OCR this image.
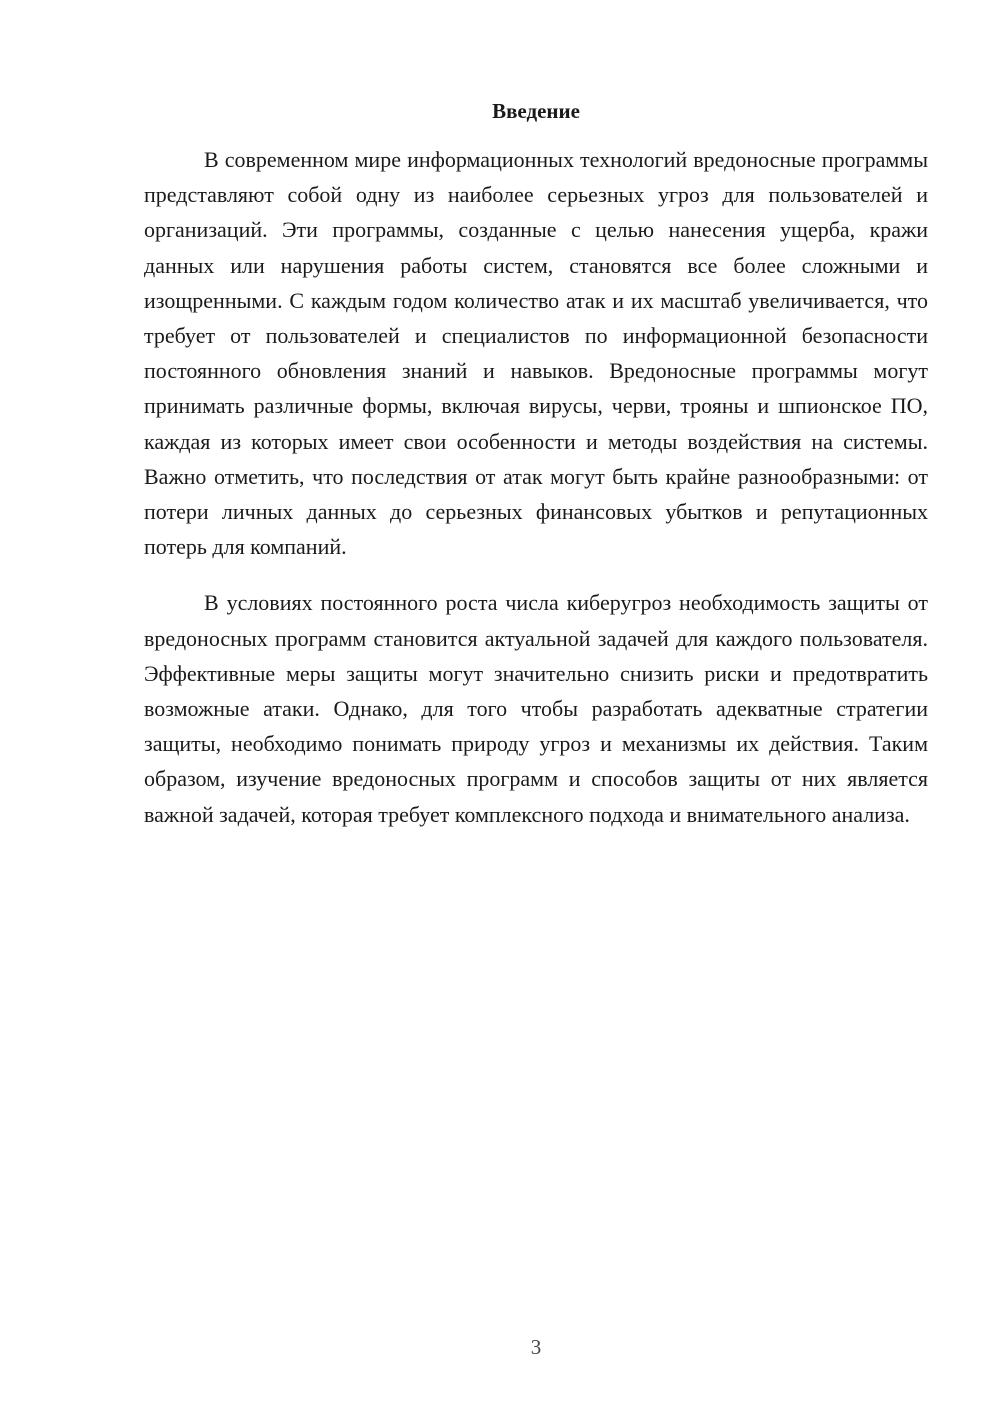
Введение

В современном мире информационных технологий вредоносные программы представляют собой одну из наиболее серьезных угроз для пользователей и организаций. Эти программы, созданные с целью нанесения ущерба, кражи данных или нарушения работы систем, становятся все более сложными и изощренными. С каждым годом количество атак и их масштаб увеличивается, что требует от пользователей и специалистов по информационной безопасности постоянного обновления знаний и навыков. Вредоносные программы могут принимать различные формы, включая вирусы, черви, трояны и шпионское ПО, каждая из которых имеет свои особенности и методы воздействия на системы. Важно отметить, что последствия от атак могут быть крайне разнообразными: от потери личных данных до серьезных финансовых убытков и репутационных потерь для компаний.

В условиях постоянного роста числа киберугроз необходимость защиты от вредоносных программ становится актуальной задачей для каждого пользователя. Эффективные меры защиты могут значительно снизить риски и предотвратить возможные атаки. Однако, для того чтобы разработать адекватные стратегии защиты, необходимо понимать природу угроз и механизмы их действия. Таким образом, изучение вредоносных программ и способов защиты от них является важной задачей, которая требует комплексного подхода и внимательного анализа.

3
